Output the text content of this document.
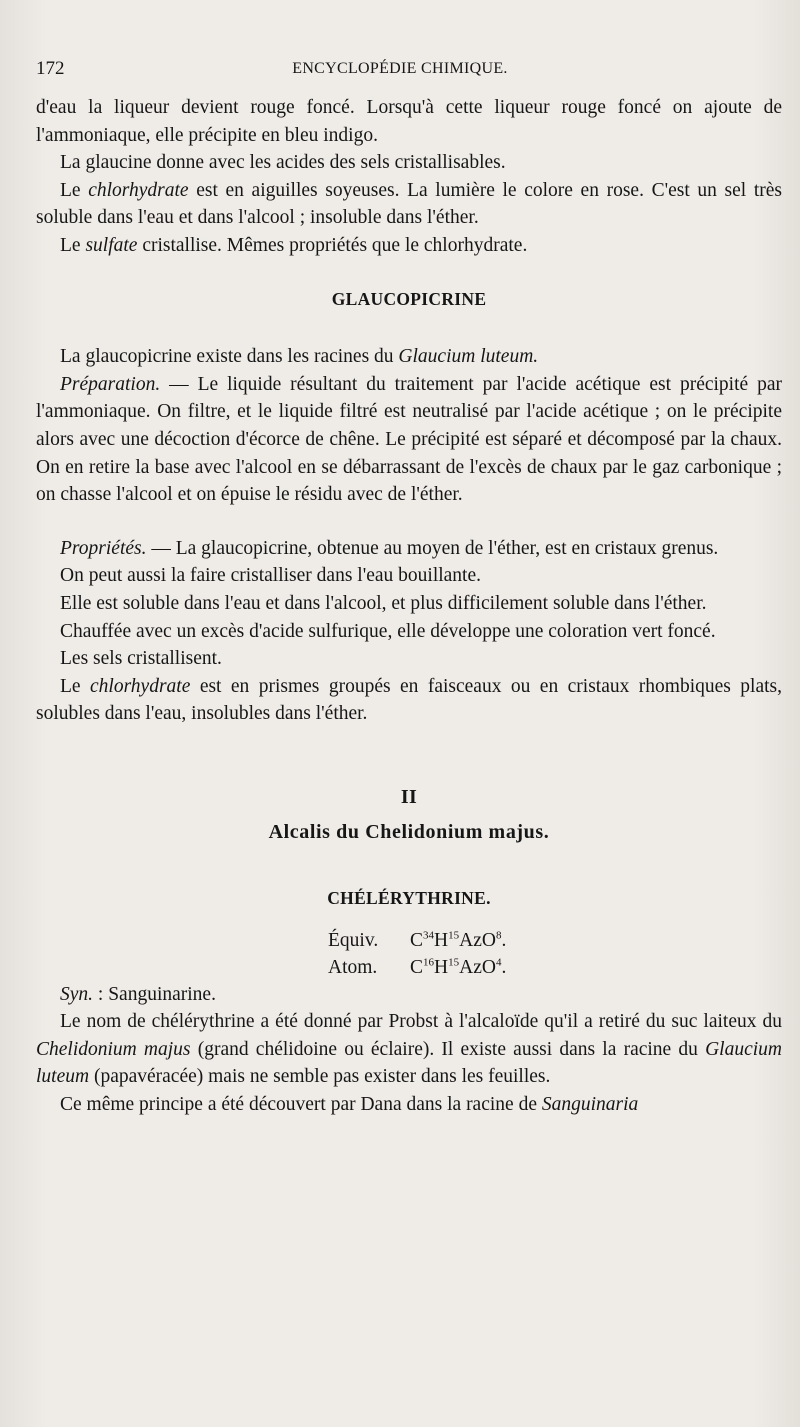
172	ENCYCLOPÉDIE CHIMIQUE.

d'eau la liqueur devient rouge foncé. Lorsqu'à cette liqueur rouge foncé on ajoute de l'ammoniaque, elle précipite en bleu indigo.

La glaucine donne avec les acides des sels cristallisables.

Le chlorhydrate est en aiguilles soyeuses. La lumière le colore en rose. C'est un sel très soluble dans l'eau et dans l'alcool ; insoluble dans l'éther.

Le sulfate cristallise. Mêmes propriétés que le chlorhydrate.

GLAUCOPICRINE

La glaucopicrine existe dans les racines du Glaucium luteum.

Préparation. — Le liquide résultant du traitement par l'acide acétique est précipité par l'ammoniaque. On filtre, et le liquide filtré est neutralisé par l'acide acétique ; on le précipite alors avec une décoction d'écorce de chêne. Le précipité est séparé et décomposé par la chaux. On en retire la base avec l'alcool en se débarrassant de l'excès de chaux par le gaz carbonique ; on chasse l'alcool et on épuise le résidu avec de l'éther.

Propriétés. — La glaucopicrine, obtenue au moyen de l'éther, est en cristaux grenus.

On peut aussi la faire cristalliser dans l'eau bouillante.

Elle est soluble dans l'eau et dans l'alcool, et plus difficilement soluble dans l'éther.

Chauffée avec un excès d'acide sulfurique, elle développe une coloration vert foncé.

Les sels cristallisent.

Le chlorhydrate est en prismes groupés en faisceaux ou en cristaux rhombiques plats, solubles dans l'eau, insolubles dans l'éther.

II
Alcalis du Chelidonium majus.
CHÉLÉRYTHRINE.
Équiv. $C^{34}H^{15}AzO^8$.
Atom. $C^{16}H^{15}AzO^4$.

Syn. : Sanguinarine.

Le nom de chélérythrine a été donné par Probst à l'alcaloïde qu'il a retiré du suc laiteux du Chelidonium majus (grand chélidoine ou éclaire). Il existe aussi dans la racine du Glaucium luteum (papavéracée) mais ne semble pas exister dans les feuilles.

Ce même principe a été découvert par Dana dans la racine de Sanguinaria
